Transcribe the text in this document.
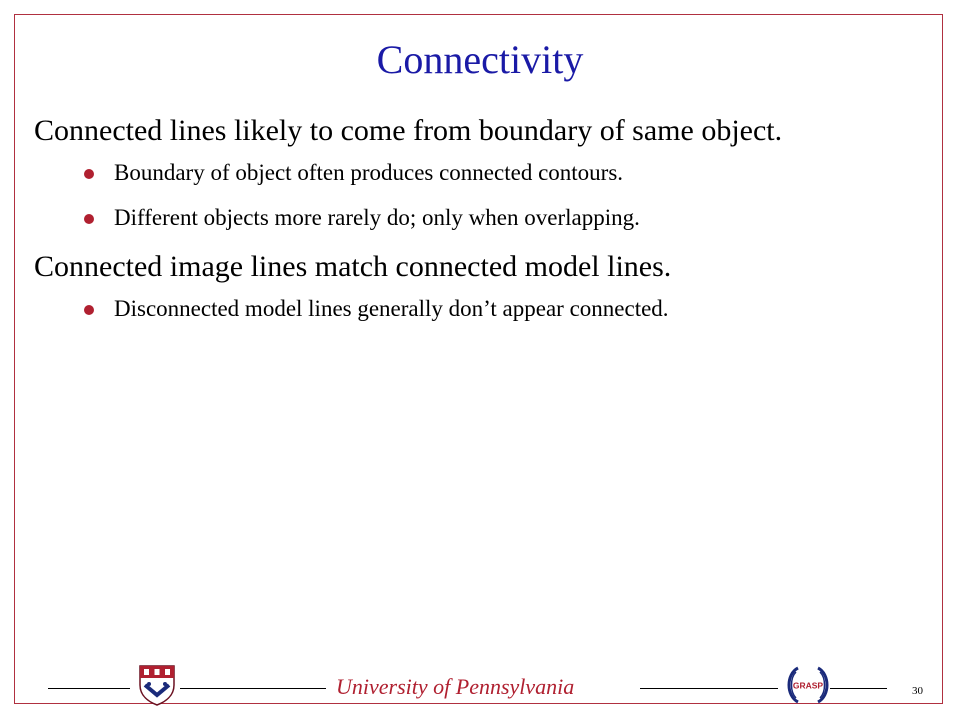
Connectivity
Connected lines likely to come from boundary of same object.
Boundary of object often produces connected contours.
Different objects more rarely do; only when overlapping.
Connected image lines match connected model lines.
Disconnected model lines generally don’t appear connected.
University of Pennsylvania	GRASP	30
